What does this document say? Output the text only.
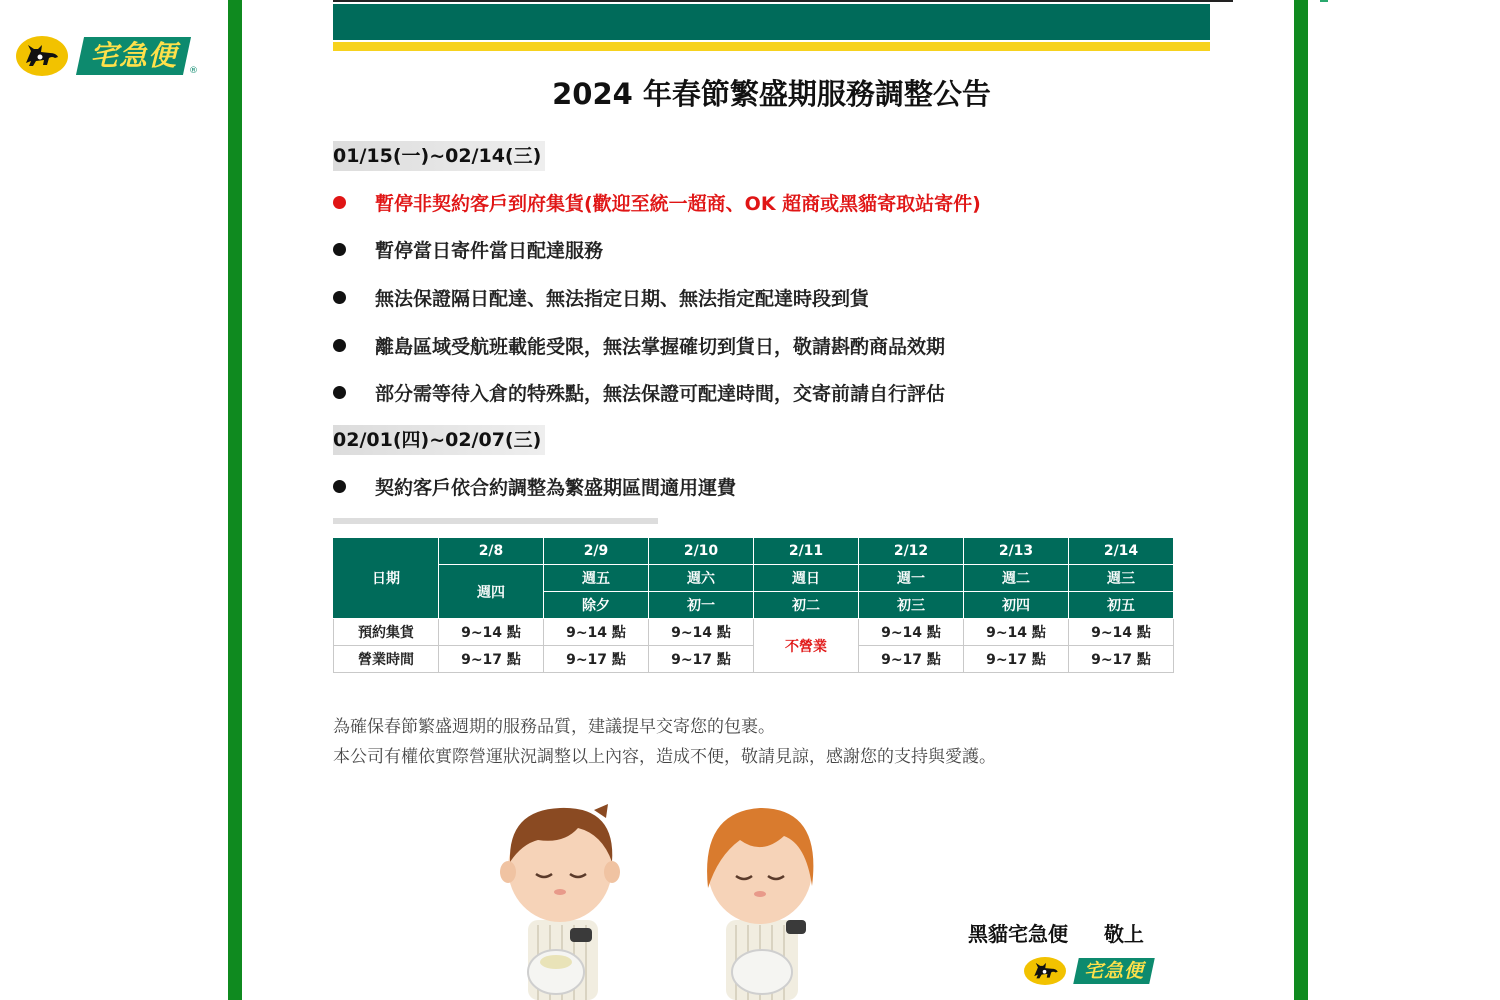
宅急便	®
2024 年春節繁盛期服務調整公告
01/15(一)~02/14(三)
暫停非契約客戶到府集貨(歡迎至統一超商、OK 超商或黑貓寄取站寄件)
暫停當日寄件當日配達服務
無法保證隔日配達、無法指定日期、無法指定配達時段到貨
離島區域受航班載能受限，無法掌握確切到貨日，敬請斟酌商品效期
部分需等待入倉的特殊點，無法保證可配達時間，交寄前請自行評估
02/01(四)~02/07(三)
契約客戶依合約調整為繁盛期區間適用運費
日期	2/8	2/9	2/10	2/11	2/12	2/13	2/14
	週四	週五	週六	週日	週一	週二	週三
		除夕	初一	初二	初三	初四	初五
預約集貨	9~14 點	9~14 點	9~14 點	不營業	9~14 點	9~14 點	9~14 點
營業時間	9~17 點	9~17 點	9~17 點		9~17 點	9~17 點	9~17 點
為確保春節繁盛週期的服務品質，建議提早交寄您的包裹。
本公司有權依實際營運狀況調整以上內容，造成不便，敬請見諒，感謝您的支持與愛護。
黑貓宅急便 敬上
宅急便
